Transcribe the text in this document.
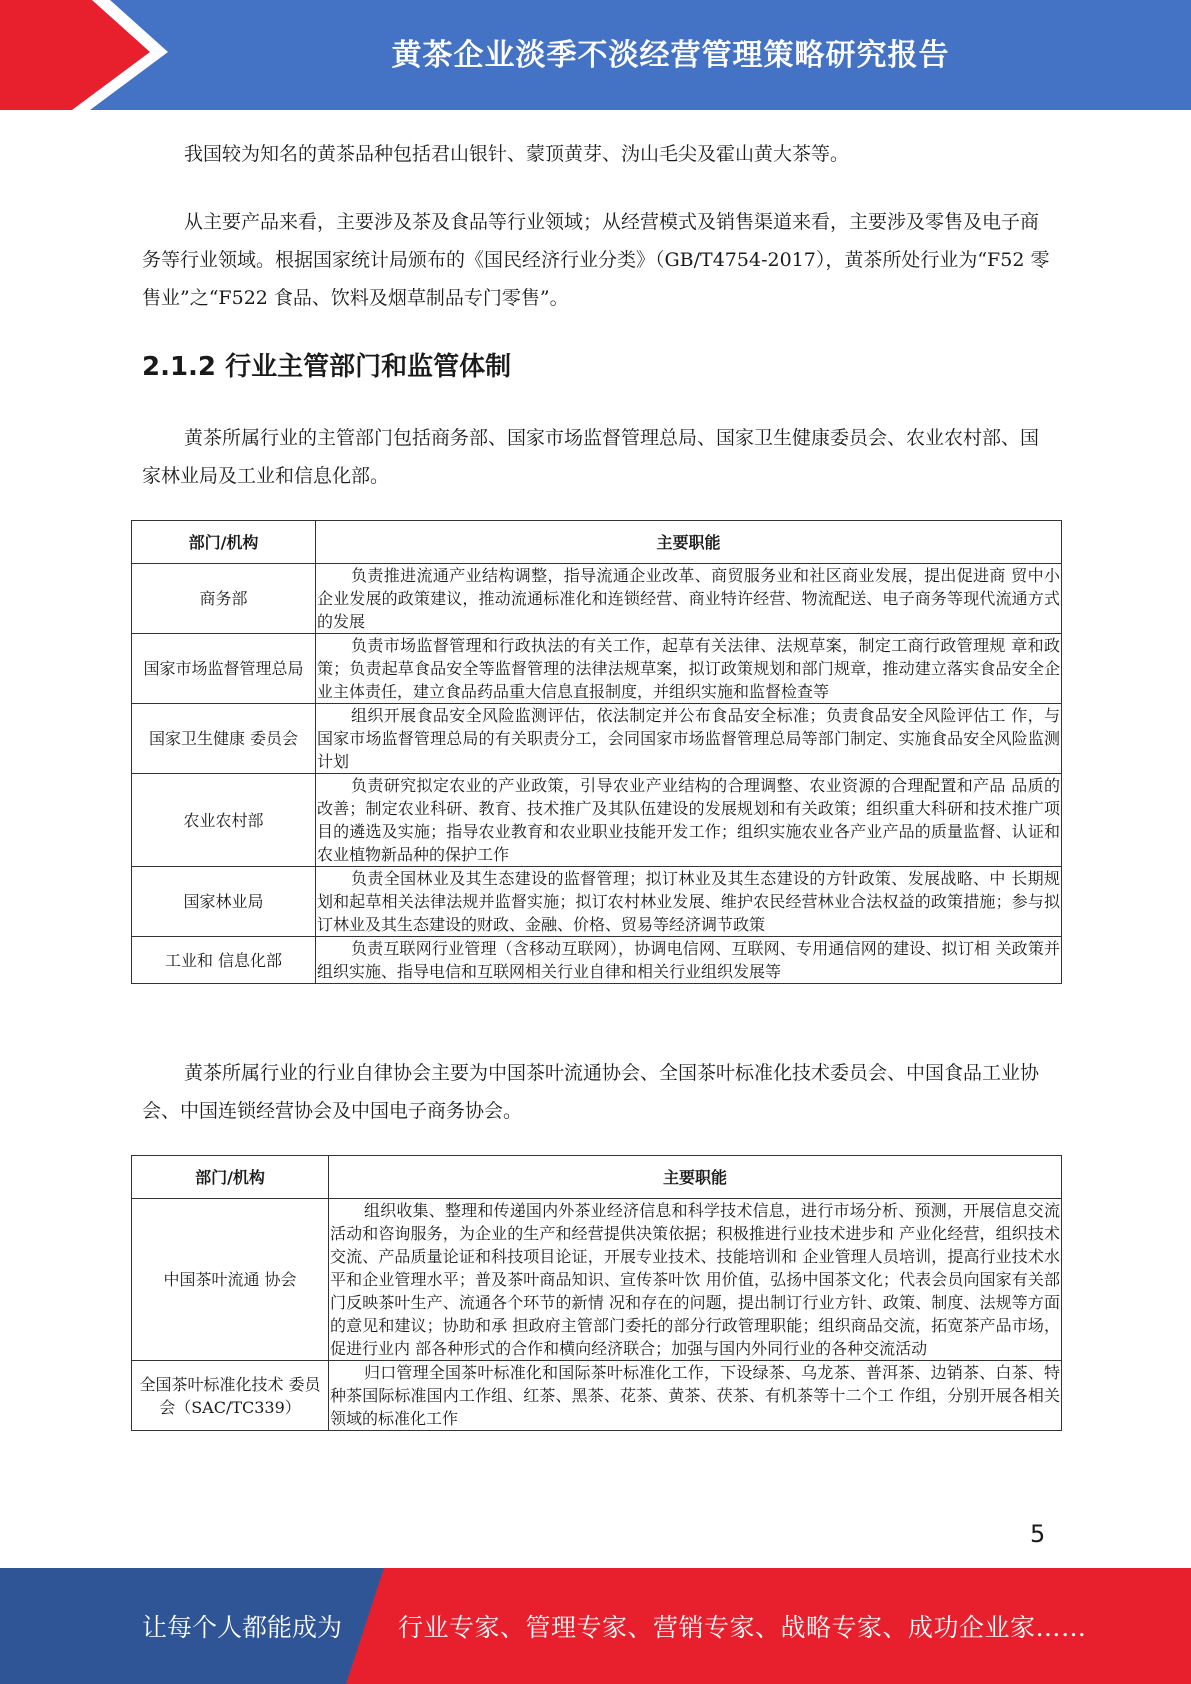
黄茶企业淡季不淡经营管理策略研究报告

我国较为知名的黄茶品种包括君山银针、蒙顶黄芽、沩山毛尖及霍山黄大茶等。

从主要产品来看，主要涉及茶及食品等行业领域；从经营模式及销售渠道来看，主要涉及零售及电子商务等行业领域。根据国家统计局颁布的《国民经济行业分类》（GB/T4754-2017），黄茶所处行业为“F52 零售业”之“F522 食品、饮料及烟草制品专门零售”。

2.1.2 行业主管部门和监管体制

黄茶所属行业的主管部门包括商务部、国家市场监督管理总局、国家卫生健康委员会、农业农村部、国家林业局及工业和信息化部。

部门/机构	主要职能
商务部	负责推进流通产业结构调整，指导流通企业改革、商贸服务业和社区商业发展，提出促进商 贸中小企业发展的政策建议，推动流通标准化和连锁经营、商业特许经营、物流配送、电子商务等现代流通方式的发展
国家市场监督管理总局	负责市场监督管理和行政执法的有关工作，起草有关法律、法规草案，制定工商行政管理规 章和政策；负责起草食品安全等监督管理的法律法规草案，拟订政策规划和部门规章，推动建立落实食品安全企业主体责任，建立食品药品重大信息直报制度，并组织实施和监督检查等
国家卫生健康 委员会	组织开展食品安全风险监测评估，依法制定并公布食品安全标准；负责食品安全风险评估工 作，与国家市场监督管理总局的有关职责分工，会同国家市场监督管理总局等部门制定、实施食品安全风险监测计划
农业农村部	负责研究拟定农业的产业政策，引导农业产业结构的合理调整、农业资源的合理配置和产品 品质的改善；制定农业科研、教育、技术推广及其队伍建设的发展规划和有关政策；组织重大科研和技术推广项目的遴选及实施；指导农业教育和农业职业技能开发工作；组织实施农业各产业产品的质量监督、认证和农业植物新品种的保护工作
国家林业局	负责全国林业及其生态建设的监督管理；拟订林业及其生态建设的方针政策、发展战略、中 长期规划和起草相关法律法规并监督实施；拟订农村林业发展、维护农民经营林业合法权益的政策措施；参与拟订林业及其生态建设的财政、金融、价格、贸易等经济调节政策
工业和 信息化部	负责互联网行业管理（含移动互联网），协调电信网、互联网、专用通信网的建设、拟订相 关政策并组织实施、指导电信和互联网相关行业自律和相关行业组织发展等

黄茶所属行业的行业自律协会主要为中国茶叶流通协会、全国茶叶标准化技术委员会、中国食品工业协会、中国连锁经营协会及中国电子商务协会。

部门/机构	主要职能
中国茶叶流通 协会	组织收集、整理和传递国内外茶业经济信息和科学技术信息，进行市场分析、预测，开展信息交流活动和咨询服务，为企业的生产和经营提供决策依据；积极推进行业技术进步和 产业化经营，组织技术交流、产品质量论证和科技项目论证，开展专业技术、技能培训和 企业管理人员培训，提高行业技术水平和企业管理水平；普及茶叶商品知识、宣传茶叶饮 用价值，弘扬中国茶文化；代表会员向国家有关部门反映茶叶生产、流通各个环节的新情 况和存在的问题，提出制订行业方针、政策、制度、法规等方面的意见和建议；协助和承 担政府主管部门委托的部分行政管理职能；组织商品交流，拓宽茶产品市场，促进行业内 部各种形式的合作和横向经济联合；加强与国内外同行业的各种交流活动
全国茶叶标准化技术 委员会（SAC/TC339）	归口管理全国茶叶标准化和国际茶叶标准化工作，下设绿茶、乌龙茶、普洱茶、边销茶、白茶、特种茶国际标准国内工作组、红茶、黑茶、花茶、黄茶、茯茶、有机茶等十二个工 作组，分别开展各相关领域的标准化工作
5
让每个人都能成为 行业专家、管理专家、营销专家、战略专家、成功企业家……
